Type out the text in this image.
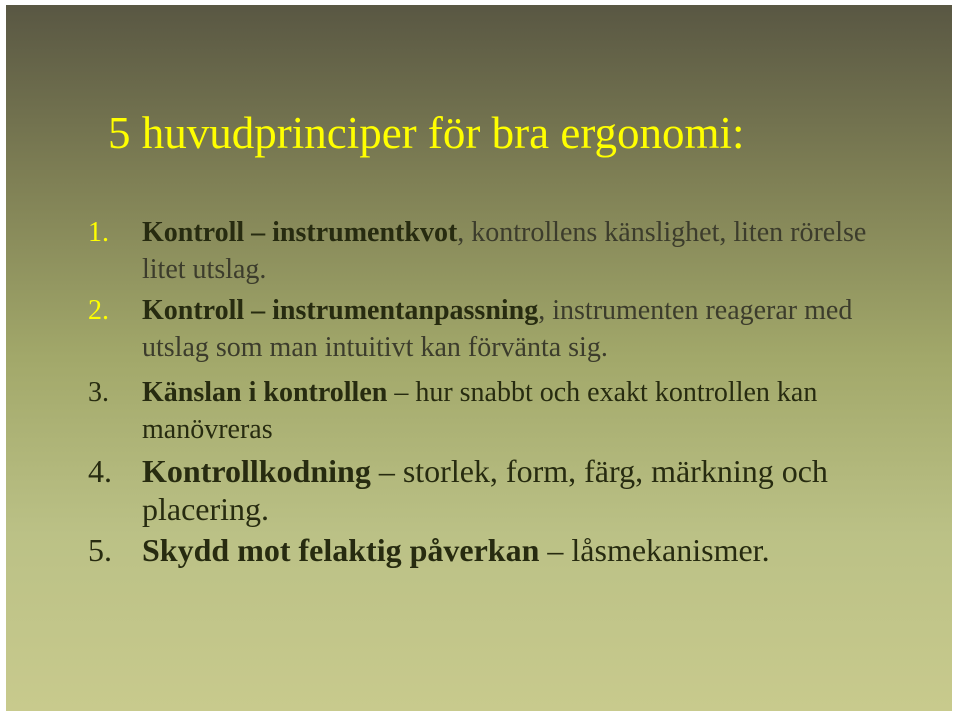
5 huvudprinciper för bra ergonomi:
1. Kontroll – instrumentkvot, kontrollens känslighet, liten rörelse litet utslag.
2. Kontroll – instrumentanpassning, instrumenten reagerar med utslag som man intuitivt kan förvänta sig.
3. Känslan i kontrollen – hur snabbt och exakt kontrollen kan manövreras
4. Kontrollkodning – storlek, form, färg, märkning och placering.
5. Skydd mot felaktig påverkan – låsmekanismer.
